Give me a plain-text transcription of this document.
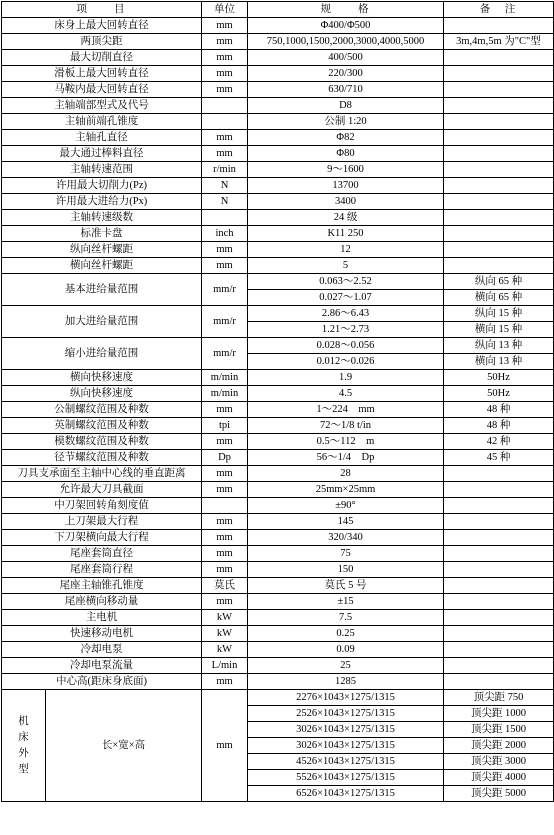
项　　目		单位	规　　格	备　注
床身上最大回转直径		mm	Φ400/Φ500	
两顶尖距		mm	750,1000,1500,2000,3000,4000,5000	3m,4m,5m 为"C"型
最大切削直径		mm	400/500	
滑板上最大回转直径		mm	220/300	
马鞍内最大回转直径		mm	630/710	
主轴端部型式及代号			D8	
主轴前端孔锥度			公制 1:20	
主轴孔直径		mm	Φ82	
最大通过棒料直径		mm	Φ80	
主轴转速范围		r/min	9～1600	
许用最大切削力(Pz)		N	13700	
许用最大进给力(Px)		N	3400	
主轴转速级数			24 级	
标准卡盘		inch	K11 250	
纵向丝杆螺距		mm	12	
横向丝杆螺距		mm	5	
基本进给量范围		mm/r	0.063～2.52	纵向 65 种
			0.027～1.07	横向 65 种
加大进给量范围		mm/r	2.86～6.43	纵向 15 种
			1.21～2.73	横向 15 种
缩小进给量范围		mm/r	0.028～0.056	纵向 13 种
			0.012～0.026	横向 13 种
横向快移速度		m/min	1.9	50Hz
纵向快移速度		m/min	4.5	50Hz
公制螺纹范围及种数		mm	1～224　mm	48 种
英制螺纹范围及种数		tpi	72～1/8 t/in	48 种
模数螺纹范围及种数		mm	0.5～112　m	42 种
径节螺纹范围及种数		Dp	56～1/4　Dp	45 种
刀具支承面至主轴中心线的垂直距离		mm	28	
允许最大刀具截面		mm	25mm×25mm	
中刀架回转角刻度值			±90°	
上刀架最大行程		mm	145	
下刀架横向最大行程		mm	320/340	
尾座套筒直径		mm	75	
尾座套筒行程		mm	150	
尾座主轴锥孔锥度		莫氏	莫氏 5 号	
尾座横向移动量		mm	±15	
主电机		kW	7.5	
快速移动电机		kW	0.25	
冷却电泵		kW	0.09	
冷却电泵流量		L/min	25	
中心高(距床身底面)		mm	1285	
机床外型	长×宽×高	mm	2276×1043×1275/1315	顶尖距 750
			2526×1043×1275/1315	顶尖距 1000
			3026×1043×1275/1315	顶尖距 1500
			3026×1043×1275/1315	顶尖距 2000
			4526×1043×1275/1315	顶尖距 3000
			5526×1043×1275/1315	顶尖距 4000
			6526×1043×1275/1315	顶尖距 5000
